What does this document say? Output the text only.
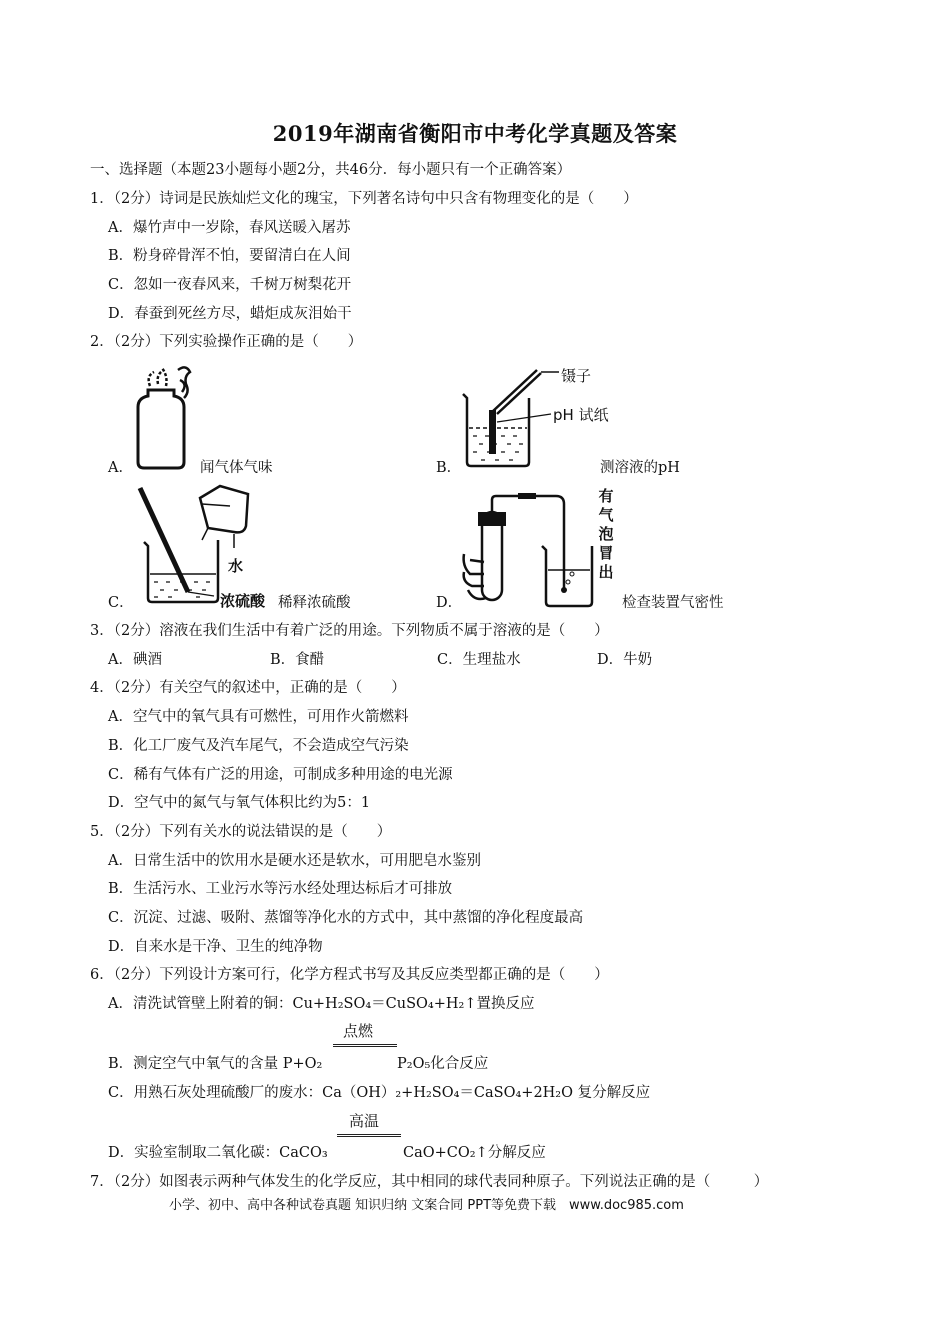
2019年湖南省衡阳市中考化学真题及答案
一、选择题（本题23小题每小题2分，共46分．每小题只有一个正确答案）
1．（2分）诗词是民族灿烂文化的瑰宝，下列著名诗句中只含有物理变化的是（　　）
A．爆竹声中一岁除，春风送暖入屠苏
B．粉身碎骨浑不怕，要留清白在人间
C．忽如一夜春风来，千树万树梨花开
D．春蚕到死丝方尽，蜡炬成灰泪始干
2．（2分）下列实验操作正确的是（　　）
A．	闻气体气味
镊子
pH 试纸
B．	测溶液的pH
水
浓硫酸
C．	稀释浓硫酸
有
气
泡
冒
出
D．	检查装置气密性
3．（2分）溶液在我们生活中有着广泛的用途。下列物质不属于溶液的是（　　）
A．碘酒	B．食醋	C．生理盐水	D．牛奶
4．（2分）有关空气的叙述中，正确的是（　　）
A．空气中的氧气具有可燃性，可用作火箭燃料
B．化工厂废气及汽车尾气，不会造成空气污染
C．稀有气体有广泛的用途，可制成多种用途的电光源
D．空气中的氮气与氧气体积比约为5：1
5．（2分）下列有关水的说法错误的是（　　）
A．日常生活中的饮用水是硬水还是软水，可用肥皂水鉴别
B．生活污水、工业污水等污水经处理达标后才可排放
C．沉淀、过滤、吸附、蒸馏等净化水的方式中，其中蒸馏的净化程度最高
D．自来水是干净、卫生的纯净物
6．（2分）下列设计方案可行，化学方程式书写及其反应类型都正确的是（　　）
A．清洗试管壁上附着的铜：Cu+H₂SO₄＝CuSO₄+H₂↑置换反应
点燃
B．测定空气中氧气的含量 P+O₂	P₂O₅化合反应
C．用熟石灰处理硫酸厂的废水：Ca（OH）₂+H₂SO₄＝CaSO₄+2H₂O 复分解反应
高温
D．实验室制取二氧化碳：CaCO₃	CaO+CO₂↑分解反应
7．（2分）如图表示两种气体发生的化学反应，其中相同的球代表同种原子。下列说法正确的是（　　　）
小学、初中、高中各种试卷真题 知识归纳 文案合同 PPT等免费下载　www.doc985.com
